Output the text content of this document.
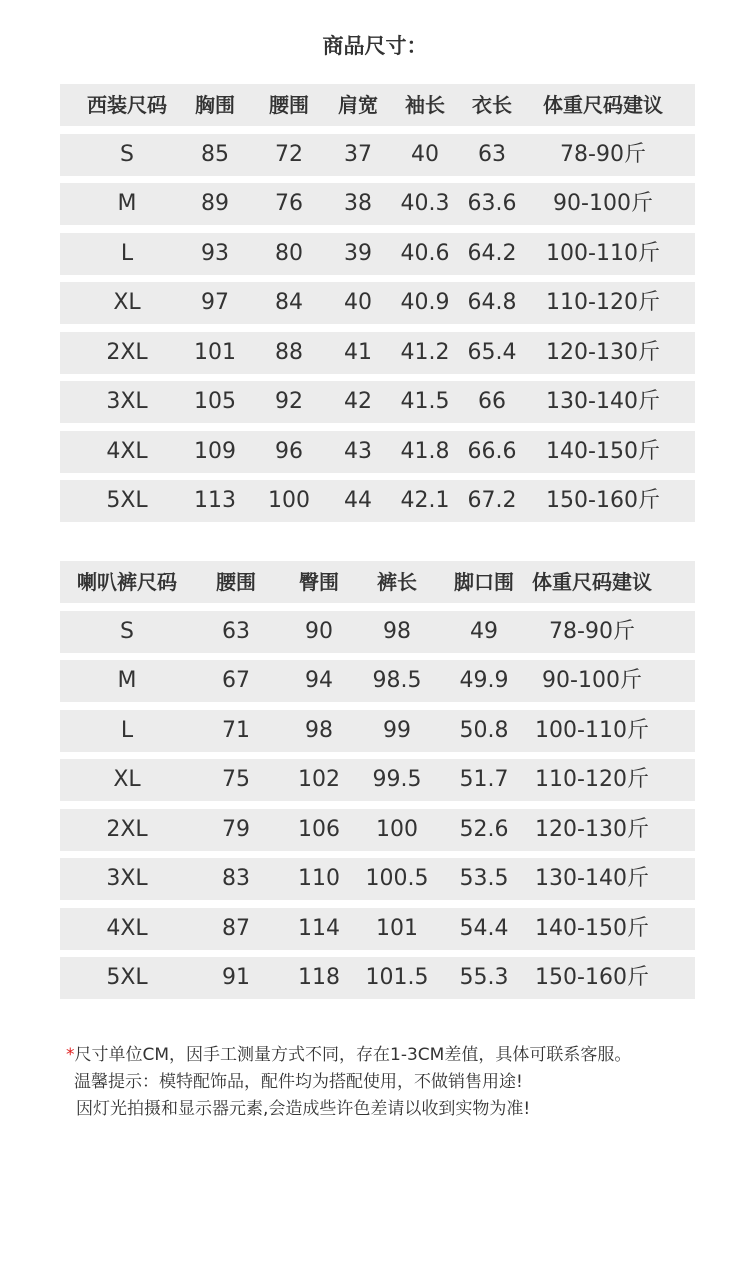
商品尺寸：
西装尺码 胸围 腰围 肩宽 袖长 衣长 体重尺码建议
S	85 72 37 40 63 78-90斤
M	89 76 38 40.3 63.6 90-100斤
L	93 80 39 40.6 64.2 100-110斤
XL	97 84 40 40.9 64.8 110-120斤
2XL 101 88 41 41.2 65.4 120-130斤
3XL 105 92 42 41.5 66 130-140斤
4XL 109 96 43 41.8 66.6 140-150斤
5XL 113 100 44 42.1 67.2 150-160斤
喇叭裤尺码 腰围 臀围 裤长 脚口围 体重尺码建议
S	63	90 98	49 78-90斤
M	67	94 98.5 49.9 90-100斤
L	71	98 99 50.8 100-110斤
XL	75 102 99.5 51.7 110-120斤
2XL	79 106 100 52.6 120-130斤
3XL	83 110 100.5 53.5 130-140斤
4XL	87 114 101 54.4 140-150斤
5XL	91 118 101.5 55.3 150-160斤
*尺寸单位CM，因手工测量方式不同，存在1-3CM差值，具体可联系客服。
温馨提示：模特配饰品，配件均为搭配使用，不做销售用途!
因灯光拍摄和显示器元素,会造成些许色差请以收到实物为准!
